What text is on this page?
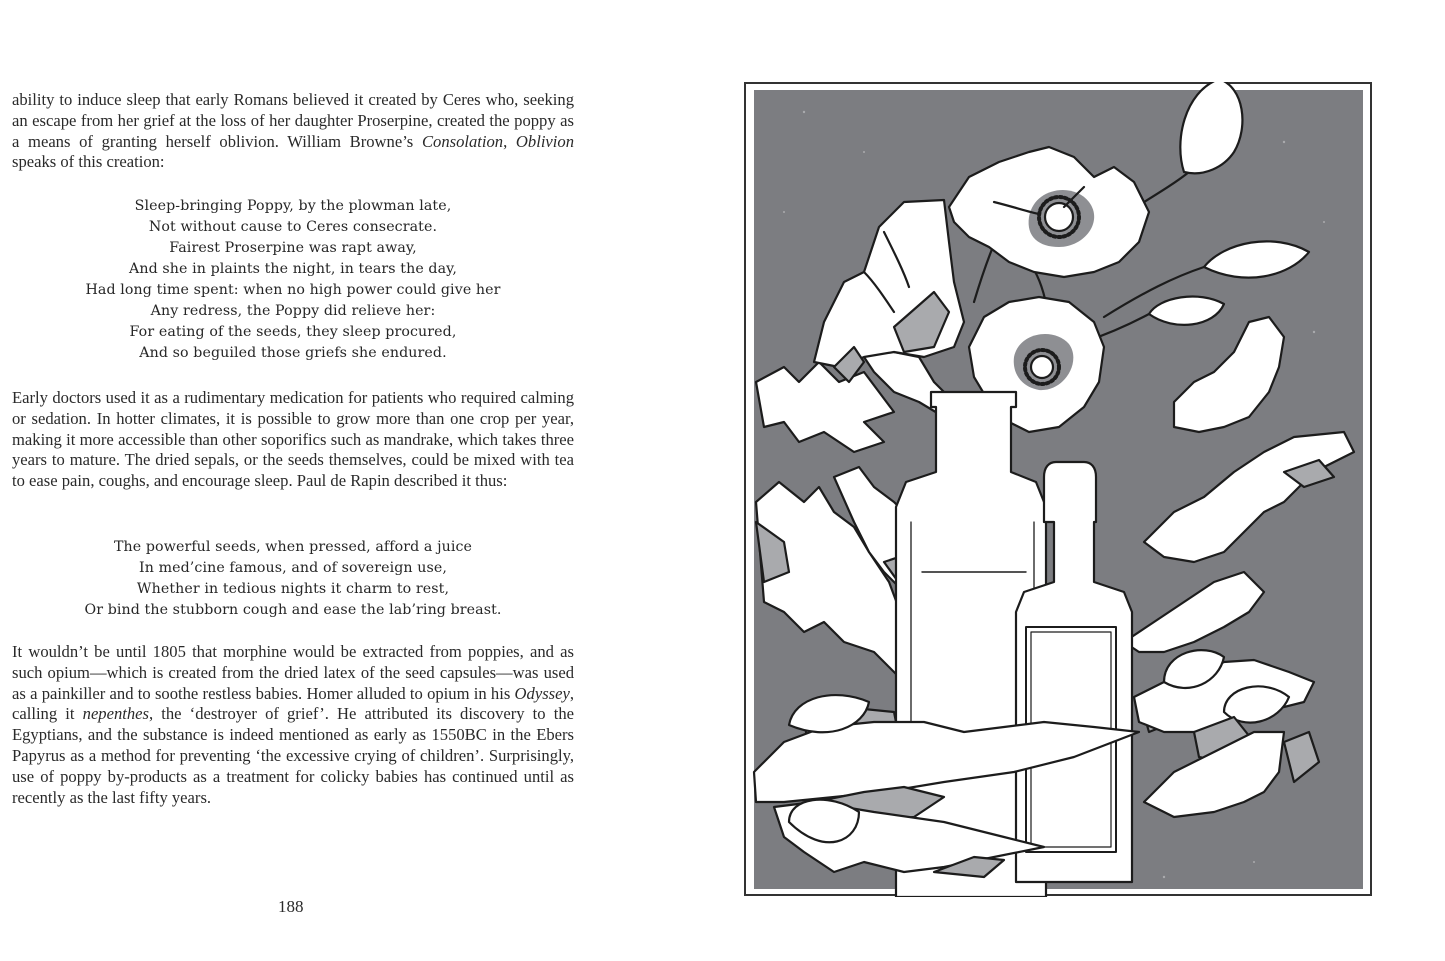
ability to induce sleep that early Romans believed it created by Ceres who, seeking an escape from her grief at the loss of her daughter Proserpine, created the poppy as a means of granting herself oblivion. William Browne’s Consolation, Oblivion speaks of this creation:

Sleep-bringing Poppy, by the plowman late,
Not without cause to Ceres consecrate.
Fairest Proserpine was rapt away,
And she in plaints the night, in tears the day,
Had long time spent: when no high power could give her
Any redress, the Poppy did relieve her:
For eating of the seeds, they sleep procured,
And so beguiled those griefs she endured.

Early doctors used it as a rudimentary medication for patients who required calming or sedation. In hotter climates, it is possible to grow more than one crop per year, making it more accessible than other soporifics such as mandrake, which takes three years to mature. The dried sepals, or the seeds themselves, could be mixed with tea to ease pain, coughs, and encourage sleep. Paul de Rapin described it thus:

The powerful seeds, when pressed, afford a juice
In med’cine famous, and of sovereign use,
Whether in tedious nights it charm to rest,
Or bind the stubborn cough and ease the lab’ring breast.

It wouldn’t be until 1805 that morphine would be extracted from poppies, and as such opium—which is created from the dried latex of the seed capsules—was used as a painkiller and to soothe restless babies. Homer alluded to opium in his Odyssey, calling it nepenthes, the ‘destroyer of grief’. He attributed its discovery to the Egyptians, and the substance is indeed mentioned as early as 1550BC in the Ebers Papyrus as a method for preventing ‘the excessive crying of children’. Surprisingly, use of poppy by-products as a treatment for colicky babies has continued until as recently as the last fifty years.

188
